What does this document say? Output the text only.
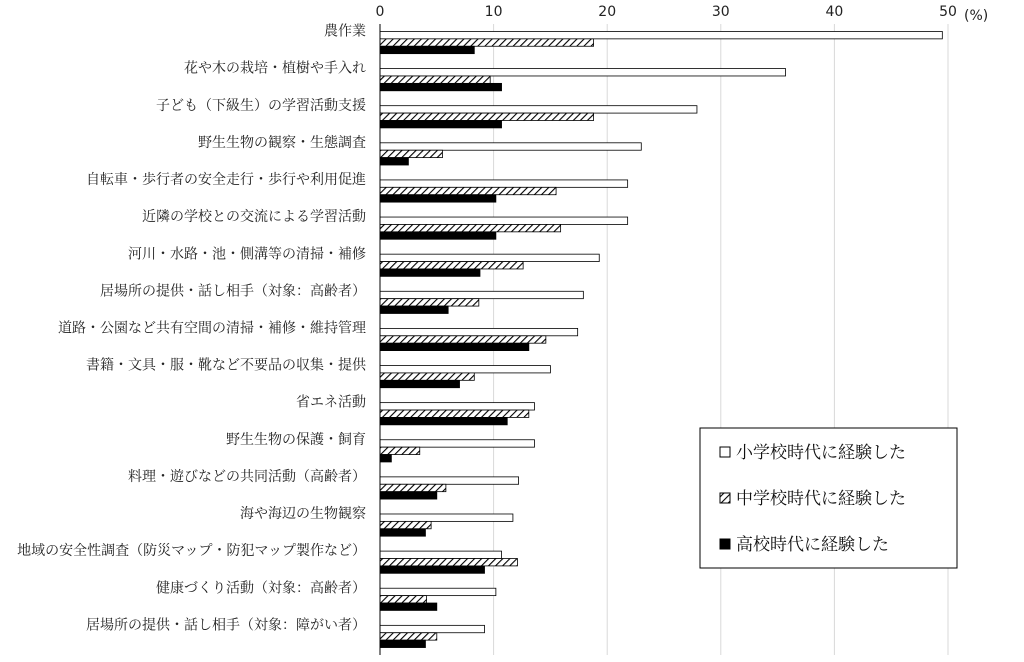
0	10	20	30	40	50 (%)
農作業
花や木の栽培・植樹や手入れ
子ども（下級生）の学習活動支援
野生生物の観察・生態調査
自転車・歩行者の安全走行・歩行や利用促進
近隣の学校との交流による学習活動
河川・水路・池・側溝等の清掃・補修
居場所の提供・話し相手（対象：高齢者）
道路・公園など共有空間の清掃・補修・維持管理
書籍・文具・服・靴など不要品の収集・提供
省エネ活動
野生生物の保護・飼育
料理・遊びなどの共同活動（高齢者）
海や海辺の生物観察
地域の安全性調査（防災マップ・防犯マップ製作など）
健康づくり活動（対象：高齢者）
居場所の提供・話し相手（対象：障がい者）
小学校時代に経験した
中学校時代に経験した
高校時代に経験した
